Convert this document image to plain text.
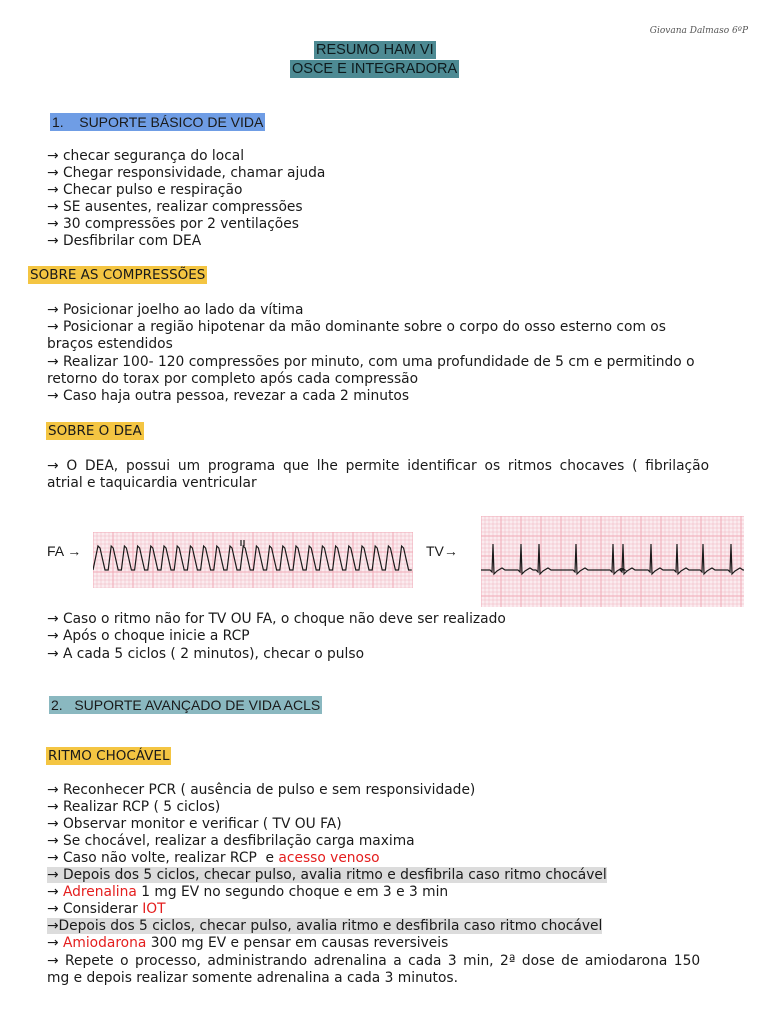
Giovana Dalmaso 6ºP
RESUMO HAM VI
OSCE E INTEGRADORA
1.    SUPORTE BÁSICO DE VIDA
→ checar segurança do local
→ Chegar responsividade, chamar ajuda
→ Checar pulso e respiração
→ SE ausentes, realizar compressões
→ 30 compressões por 2 ventilações
→ Desfibrilar com DEA
SOBRE AS COMPRESSÕES
→ Posicionar joelho ao lado da vítima
→ Posicionar a região hipotenar da mão dominante sobre o corpo do osso esterno com os
braços estendidos
→ Realizar 100- 120 compressões por minuto, com uma profundidade de 5 cm e permitindo o
retorno do torax por completo após cada compressão
→ Caso haja outra pessoa, revezar a cada 2 minutos
SOBRE O DEA
→ O DEA, possui um programa que lhe permite identificar os ritmos chocaves ( fibrilação
atrial e taquicardia ventricular
FA →	TV→
→ Caso o ritmo não for TV OU FA, o choque não deve ser realizado
→ Após o choque inicie a RCP
→ A cada 5 ciclos ( 2 minutos), checar o pulso
2.   SUPORTE AVANÇADO DE VIDA ACLS
RITMO CHOCÁVEL
→ Reconhecer PCR ( ausência de pulso e sem responsividade)
→ Realizar RCP ( 5 ciclos)
→ Observar monitor e verificar ( TV OU FA)
→ Se chocável, realizar a desfibrilação carga maxima
→ Caso não volte, realizar RCP  e acesso venoso
→ Depois dos 5 ciclos, checar pulso, avalia ritmo e desfibrila caso ritmo chocável
→ Adrenalina 1 mg EV no segundo choque e em 3 e 3 min
→ Considerar IOT
→Depois dos 5 ciclos, checar pulso, avalia ritmo e desfibrila caso ritmo chocável
→ Amiodarona 300 mg EV e pensar em causas reversiveis
→ Repete o processo, administrando adrenalina a cada 3 min, 2ª dose de amiodarona 150
mg e depois realizar somente adrenalina a cada 3 minutos.
